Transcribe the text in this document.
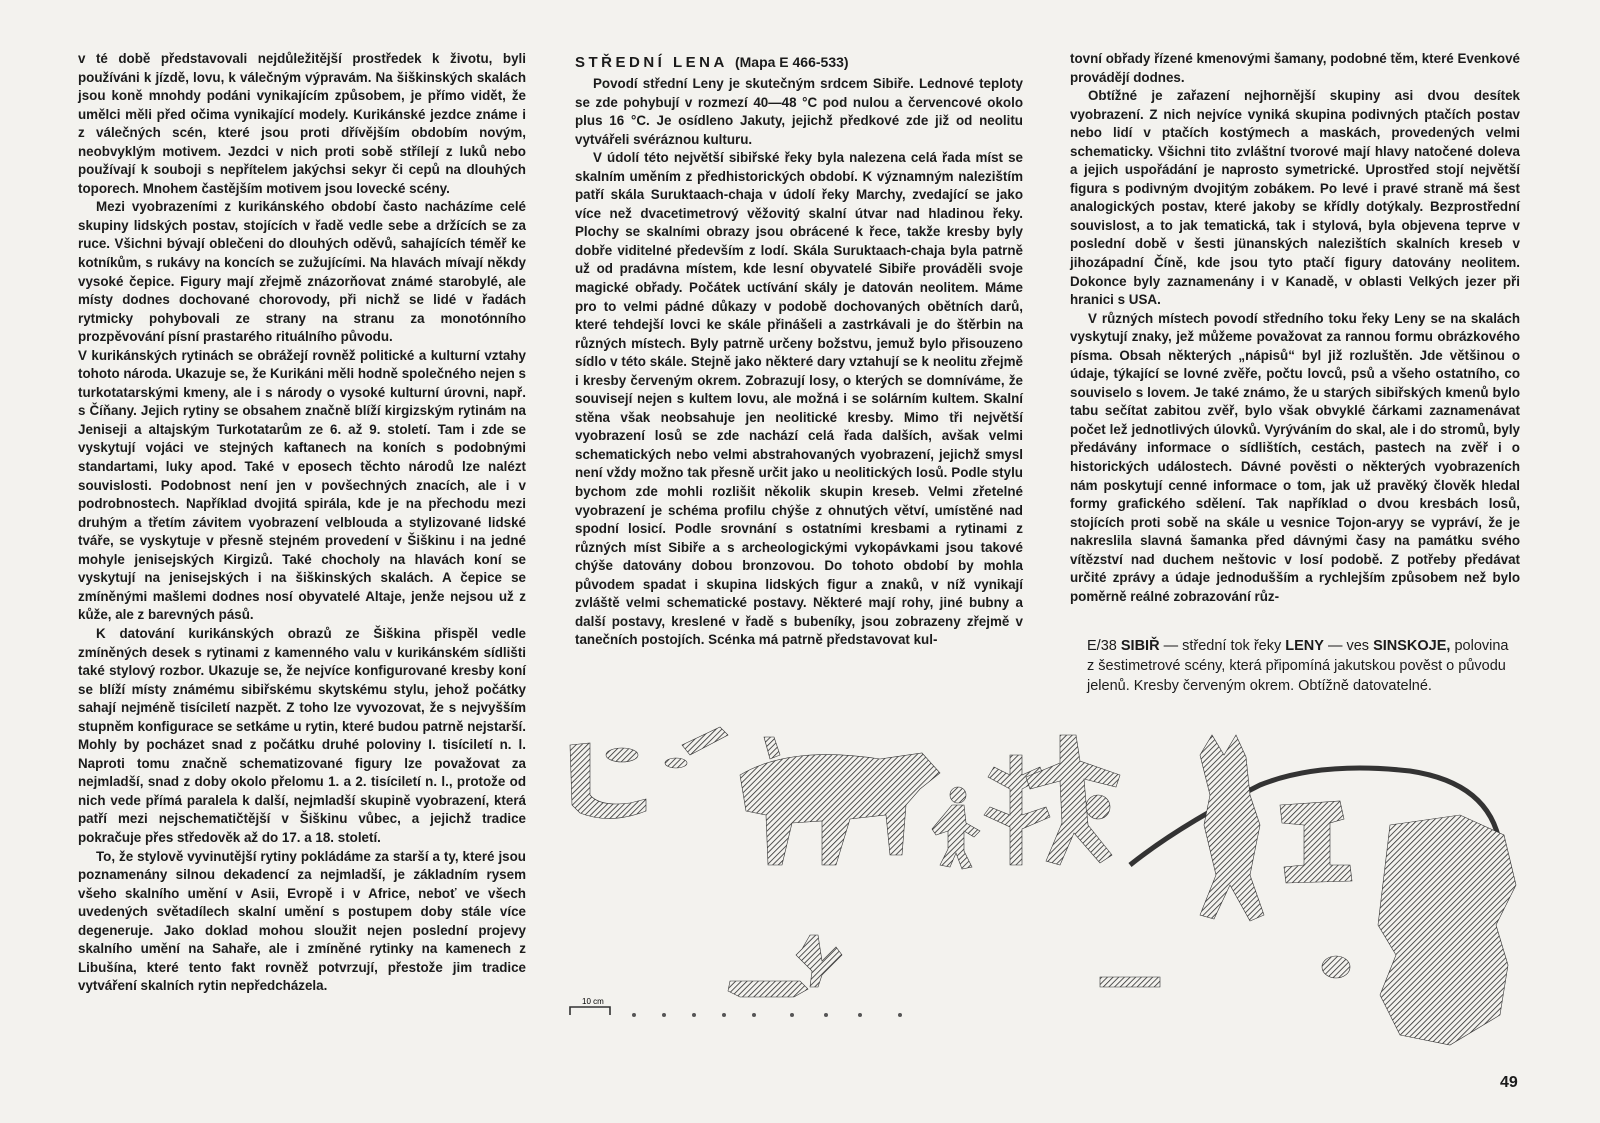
v té době představovali nejdůležitější prostředek k životu, byli používáni k jízdě, lovu, k válečným výpravám. Na šiškinských skalách jsou koně mnohdy podáni vynikajícím způsobem, je přímo vidět, že umělci měli před očima vynikající modely. Kurikánské jezdce známe i z válečných scén, které jsou proti dřívějším obdobím novým, neobvyklým motivem. Jezdci v nich proti sobě střílejí z luků nebo používají k souboji s nepřítelem jakýchsi sekyr či cepů na dlouhých toporech. Mnohem častějším motivem jsou lovecké scény.

Mezi vyobrazeními z kurikánského období často nacházíme celé skupiny lidských postav, stojících v řadě vedle sebe a držících se za ruce. Všichni bývají oblečeni do dlouhých oděvů, sahajících téměř ke kotníkům, s rukávy na koncích se zužujícími. Na hlavách mívají někdy vysoké čepice. Figury mají zřejmě znázorňovat známé starobylé, ale místy dodnes dochované chorovody, při nichž se lidé v řadách rytmicky pohybovali ze strany na stranu za monotónního prozpěvování písní prastarého rituálního původu.

V kurikánských rytinách se obrážejí rovněž politické a kulturní vztahy tohoto národa. Ukazuje se, že Kurikáni měli hodně společného nejen s turkotatarskými kmeny, ale i s národy o vysoké kulturní úrovni, např. s Číňany. Jejich rytiny se obsahem značně blíží kirgizským rytinám na Jeniseji a altajským Turkotatarům ze 6. až 9. století. Tam i zde se vyskytují vojáci ve stejných kaftanech na koních s podobnými standartami, luky apod. Také v eposech těchto národů lze nalézt souvislosti. Podobnost není jen v povšechných znacích, ale i v podrobnostech. Například dvojitá spirála, kde je na přechodu mezi druhým a třetím závitem vyobrazení velblouda a stylizované lidské tváře, se vyskytuje v přesně stejném provedení v Šiškinu i na jedné mohyle jenisejských Kirgizů. Také chocholy na hlavách koní se vyskytují na jenisejských i na šiškinských skalách. A čepice se zmíněnými mašlemi dodnes nosí obyvatelé Altaje, jenže nejsou už z kůže, ale z barevných pásů.

K datování kurikánských obrazů ze Šiškina přispěl vedle zmíněných desek s rytinami z kamenného valu v kurikánském sídlišti také stylový rozbor. Ukazuje se, že nejvíce konfigurované kresby koní se blíží místy známému sibiřskému skytskému stylu, jehož počátky sahají nejméně tisíciletí nazpět. Z toho lze vyvozovat, že s nejvyšším stupněm konfigurace se setkáme u rytin, které budou patrně nejstarší. Mohly by pocházet snad z počátku druhé poloviny I. tisíciletí n. l. Naproti tomu značně schematizované figury lze považovat za nejmladší, snad z doby okolo přelomu 1. a 2. tisíciletí n. l., protože od nich vede přímá paralela k další, nejmladší skupině vyobrazení, která patří mezi nejschematičtější v Šiškinu vůbec, a jejichž tradice pokračuje přes středověk až do 17. a 18. století.

To, že stylově vyvinutější rytiny pokládáme za starší a ty, které jsou poznamenány silnou dekadencí za nejmladší, je základním rysem všeho skalního umění v Asii, Evropě i v Africe, neboť ve všech uvedených světadílech skalní umění s postupem doby stále více degeneruje. Jako doklad mohou sloužit nejen poslední projevy skalního umění na Sahaře, ale i zmíněné rytinky na kamenech z Libušína, které tento fakt rovněž potvrzují, přestože jim tradice vytváření skalních rytin nepředcházela.

STŘEDNÍ LENA (Mapa E 466-533)

Povodí střední Leny je skutečným srdcem Sibiře. Lednové teploty se zde pohybují v rozmezí 40—48 °C pod nulou a červencové okolo plus 16 °C. Je osídleno Jakuty, jejichž předkové zde již od neolitu vytvářeli svéráznou kulturu.

V údolí této největší sibiřské řeky byla nalezena celá řada míst se skalním uměním z předhistorických období. K významným nalezištím patří skála Suruktaach-chaja v údolí řeky Marchy, zvedající se jako více než dvacetimetrový věžovitý skalní útvar nad hladinou řeky. Plochy se skalními obrazy jsou obrácené k řece, takže kresby byly dobře viditelné především z lodí. Skála Suruktaach-chaja byla patrně už od pradávna místem, kde lesní obyvatelé Sibiře prováděli svoje magické obřady. Počátek uctívání skály je datován neolitem. Máme pro to velmi pádné důkazy v podobě dochovaných obětních darů, které tehdejší lovci ke skále přinášeli a zastrkávali je do štěrbin na různých místech. Byly patrně určeny božstvu, jemuž bylo přisouzeno sídlo v této skále. Stejně jako některé dary vztahují se k neolitu zřejmě i kresby červeným okrem. Zobrazují losy, o kterých se domníváme, že souvisejí nejen s kultem lovu, ale možná i se solárním kultem. Skalní stěna však neobsahuje jen neolitické kresby. Mimo tři největší vyobrazení losů se zde nachází celá řada dalších, avšak velmi schematických nebo velmi abstrahovaných vyobrazení, jejichž smysl není vždy možno tak přesně určit jako u neolitických losů. Podle stylu bychom zde mohli rozlišit několik skupin kreseb. Velmi zřetelné vyobrazení je schéma profilu chýše z ohnutých větví, umístěné nad spodní losicí. Podle srovnání s ostatními kresbami a rytinami z různých míst Sibiře a s archeologickými vykopávkami jsou takové chýše datovány dobou bronzovou. Do tohoto období by mohla původem spadat i skupina lidských figur a znaků, v níž vynikají zvláště velmi schematické postavy. Některé mají rohy, jiné bubny a další postavy, kreslené v řadě s bubeníky, jsou zobrazeny zřejmě v tanečních postojích. Scénka má patrně představovat kul-

tovní obřady řízené kmenovými šamany, podobné těm, které Evenkové provádějí dodnes.

Obtížné je zařazení nejhornější skupiny asi dvou desítek vyobrazení. Z nich nejvíce vyniká skupina podivných ptačích postav nebo lidí v ptačích kostýmech a maskách, provedených velmi schematicky. Všichni tito zvláštní tvorové mají hlavy natočené doleva a jejich uspořádání je naprosto symetrické. Uprostřed stojí největší figura s podivným dvojitým zobákem. Po levé i pravé straně má šest analogických postav, které jakoby se křídly dotýkaly. Bezprostřední souvislost, a to jak tematická, tak i stylová, byla objevena teprve v poslední době v šesti jünanských nalezištích skalních kreseb v jihozápadní Číně, kde jsou tyto ptačí figury datovány neolitem. Dokonce byly zaznamenány i v Kanadě, v oblasti Velkých jezer při hranici s USA.

V různých místech povodí středního toku řeky Leny se na skalách vyskytují znaky, jež můžeme považovat za rannou formu obrázkového písma. Obsah některých „nápisů“ byl již rozluštěn. Jde většinou o údaje, týkající se lovné zvěře, počtu lovců, psů a všeho ostatního, co souviselo s lovem. Je také známo, že u starých sibiřských kmenů bylo tabu sečítat zabitou zvěř, bylo však obvyklé čárkami zaznamenávat počet lež jednotlivých úlovků. Vyrýváním do skal, ale i do stromů, byly předávány informace o sídlištích, cestách, pastech na zvěř i o historických událostech. Dávné pověsti o některých vyobrazeních nám poskytují cenné informace o tom, jak už pravěký člověk hledal formy grafického sdělení. Tak například o dvou kresbách losů, stojících proti sobě na skále u vesnice Tojon-aryy se vypráví, že je nakreslila slavná šamanka před dávnými časy na památku svého vítězství nad duchem neštovic v losí podobě. Z potřeby předávat určité zprávy a údaje jednodušším a rychlejším způsobem než bylo poměrně reálné zobrazování růz-

E/38 SIBIŘ — střední tok řeky LENY — ves SINSKOJE, polovina z šestimetrové scény, která připomíná jakutskou pověst o původu jelenů. Kresby červeným okrem. Obtížně datovatelné.
10 cm
49
